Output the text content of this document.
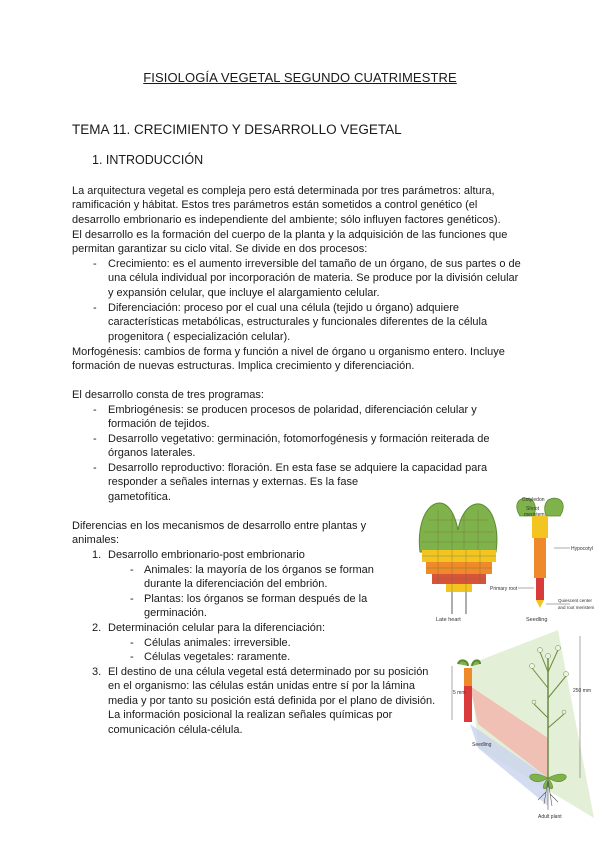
FISIOLOGÍA VEGETAL SEGUNDO CUATRIMESTRE
TEMA 11. CRECIMIENTO Y DESARROLLO VEGETAL
1. INTRODUCCIÓN
La arquitectura vegetal es compleja pero está determinada por tres parámetros: altura,
ramificación y hábitat. Estos tres parámetros están sometidos a control genético (el
desarrollo embrionario es independiente del ambiente; sólo influyen factores genéticos).
El desarrollo es la formación del cuerpo de la planta y la adquisición de las funciones que
permitan garantizar su ciclo vital. Se divide en dos procesos:
- Crecimiento: es el aumento irreversible del tamaño de un órgano, de sus partes o de
una célula individual por incorporación de materia. Se produce por la división celular
y expansión celular, que incluye el alargamiento celular.
- Diferenciación: proceso por el cual una célula (tejido u órgano) adquiere
características metabólicas, estructurales y funcionales diferentes de la célula
progenitora ( especialización celular).
Morfogénesis: cambios de forma y función a nivel de órgano u organismo entero. Incluye
formación de nuevas estructuras. Implica crecimiento y diferenciación.
El desarrollo consta de tres programas:
- Embriogénesis: se producen procesos de polaridad, diferenciación celular y
formación de tejidos.
- Desarrollo vegetativo: germinación, fotomorfogénesis y formación reiterada de
órganos laterales.
- Desarrollo reproductivo: floración. En esta fase se adquiere la capacidad para
responder a señales internas y externas. Es la fase
gametofítica.
Diferencias en los mecanismos de desarrollo entre plantas y
animales:
1. Desarrollo embrionario-post embrionario
- Animales: la mayoría de los órganos se forman
durante la diferenciación del embrión.
- Plantas: los órganos se forman después de la
germinación.
2. Determinación celular para la diferenciación:
- Células animales: irreversible.
- Células vegetales: raramente.
3. El destino de una célula vegetal está determinado por su posición
en el organismo: las células están unidas entre sí por la lámina
media y por tanto su posición está definida por el plano de división.
La información posicional la realizan señales químicas por
comunicación célula-célula.
Late heart
Cotyledon
Shoot
meristem
Hypocotyl
Primary root
Quiescent center
and root meristem
Seedling
5 mm	250 mm
Seedling
Adult plant
